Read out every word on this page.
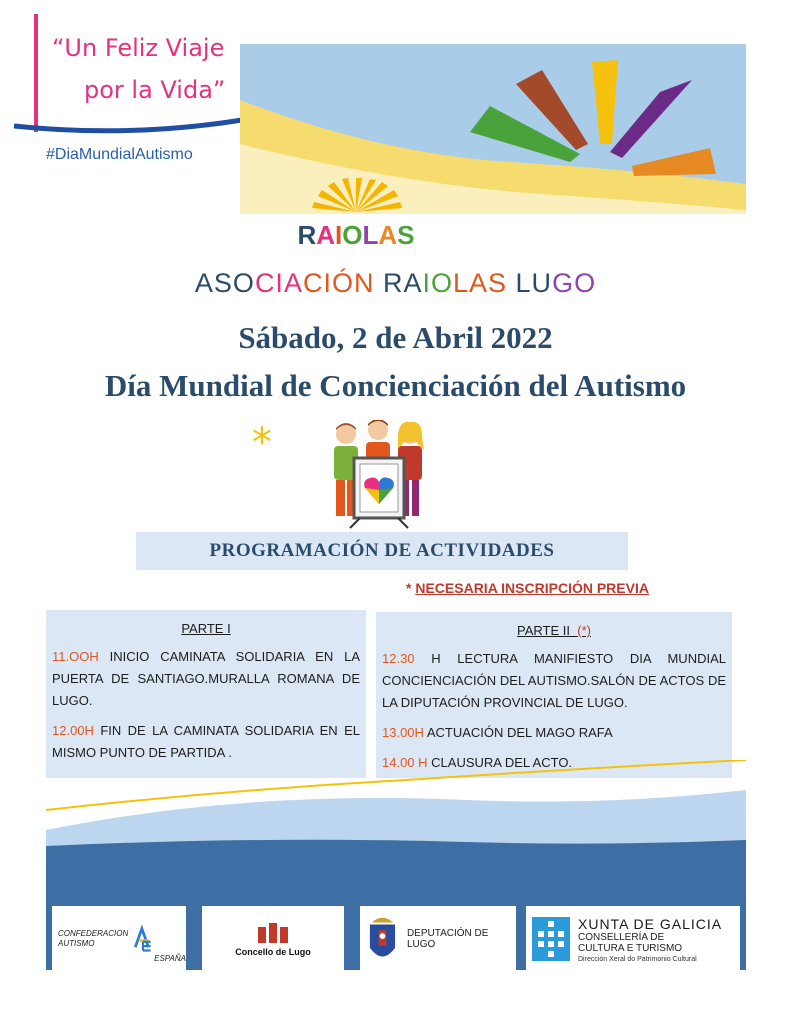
“Un Feliz Viaje
por la Vida”
#DiaMundialAutismo
RAIOLAS
ASOCIACIÓN RAIOLAS LUGO
Sábado, 2 de Abril 2022
Día Mundial de Concienciación del Autismo
*
PROGRAMACIÓN DE ACTIVIDADES
* NECESARIA INSCRIPCIÓN PREVIA
PARTE I
11.OOH INICIO CAMINATA SOLIDARIA EN LA PUERTA DE SANTIAGO.MURALLA ROMANA DE LUGO.
12.00H FIN DE LA CAMINATA SOLIDARIA EN EL MISMO PUNTO DE PARTIDA .
PARTE II (*)
12.30 H LECTURA MANIFIESTO DIA MUNDIAL CONCIENCIACIÓN DEL AUTISMO.SALÓN DE ACTOS DE LA DIPUTACIÓN PROVINCIAL DE LUGO.
13.00H ACTUACIÓN DEL MAGO RAFA
14.00 H CLAUSURA DEL ACTO.
CONFEDERACION
AUTISMO
ESPAÑA
Concello de Lugo
DEPUTACIÓN DE LUGO
XUNTA DE GALICIA
CONSELLERÍA DE
CULTURA E TURISMO
Dirección Xeral do Patrimonio Cultural
